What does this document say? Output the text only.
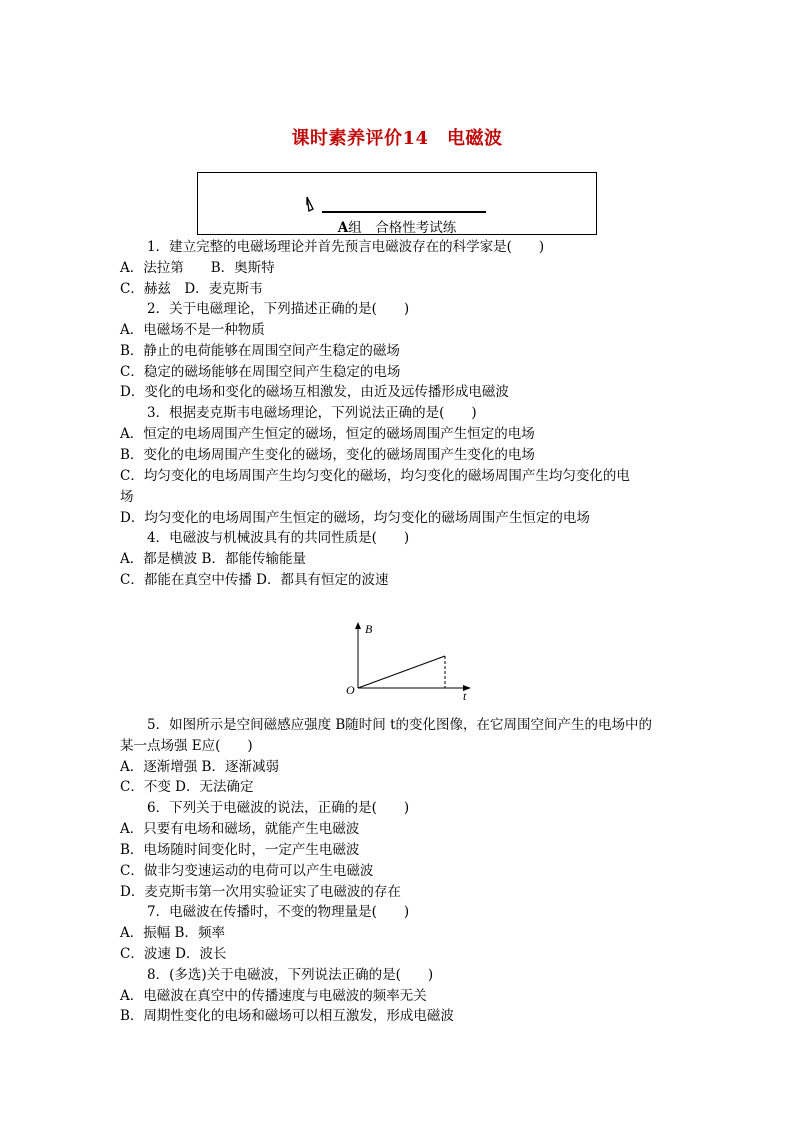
课时素养评价14　电磁波
A组　合格性考试练
1．建立完整的电磁场理论并首先预言电磁波存在的科学家是(　　)
A．法拉第　　B．奥斯特
C．赫兹　D．麦克斯韦
2．关于电磁理论，下列描述正确的是(　　)
A．电磁场不是一种物质
B．静止的电荷能够在周围空间产生稳定的磁场
C．稳定的磁场能够在周围空间产生稳定的电场
D．变化的电场和变化的磁场互相激发，由近及远传播形成电磁波
3．根据麦克斯韦电磁场理论，下列说法正确的是(　　)
A．恒定的电场周围产生恒定的磁场，恒定的磁场周围产生恒定的电场
B．变化的电场周围产生变化的磁场，变化的磁场周围产生变化的电场
C．均匀变化的电场周围产生均匀变化的磁场，均匀变化的磁场周围产生均匀变化的电
场
D．均匀变化的电场周围产生恒定的磁场，均匀变化的磁场周围产生恒定的电场
4．电磁波与机械波具有的共同性质是(　　)
A．都是横波 B．都能传输能量
C．都能在真空中传播 D．都具有恒定的波速
B
t
O
5．如图所示是空间磁感应强度 B随时间 t的变化图像，在它周围空间产生的电场中的
某一点场强 E应(　　)
A．逐渐增强 B．逐渐减弱
C．不变 D．无法确定
6．下列关于电磁波的说法，正确的是(　　)
A．只要有电场和磁场，就能产生电磁波
B．电场随时间变化时，一定产生电磁波
C．做非匀变速运动的电荷可以产生电磁波
D．麦克斯韦第一次用实验证实了电磁波的存在
7．电磁波在传播时，不变的物理量是(　　)
A．振幅 B．频率
C．波速 D．波长
8．(多选)关于电磁波，下列说法正确的是(　　)
A．电磁波在真空中的传播速度与电磁波的频率无关
B．周期性变化的电场和磁场可以相互激发，形成电磁波
